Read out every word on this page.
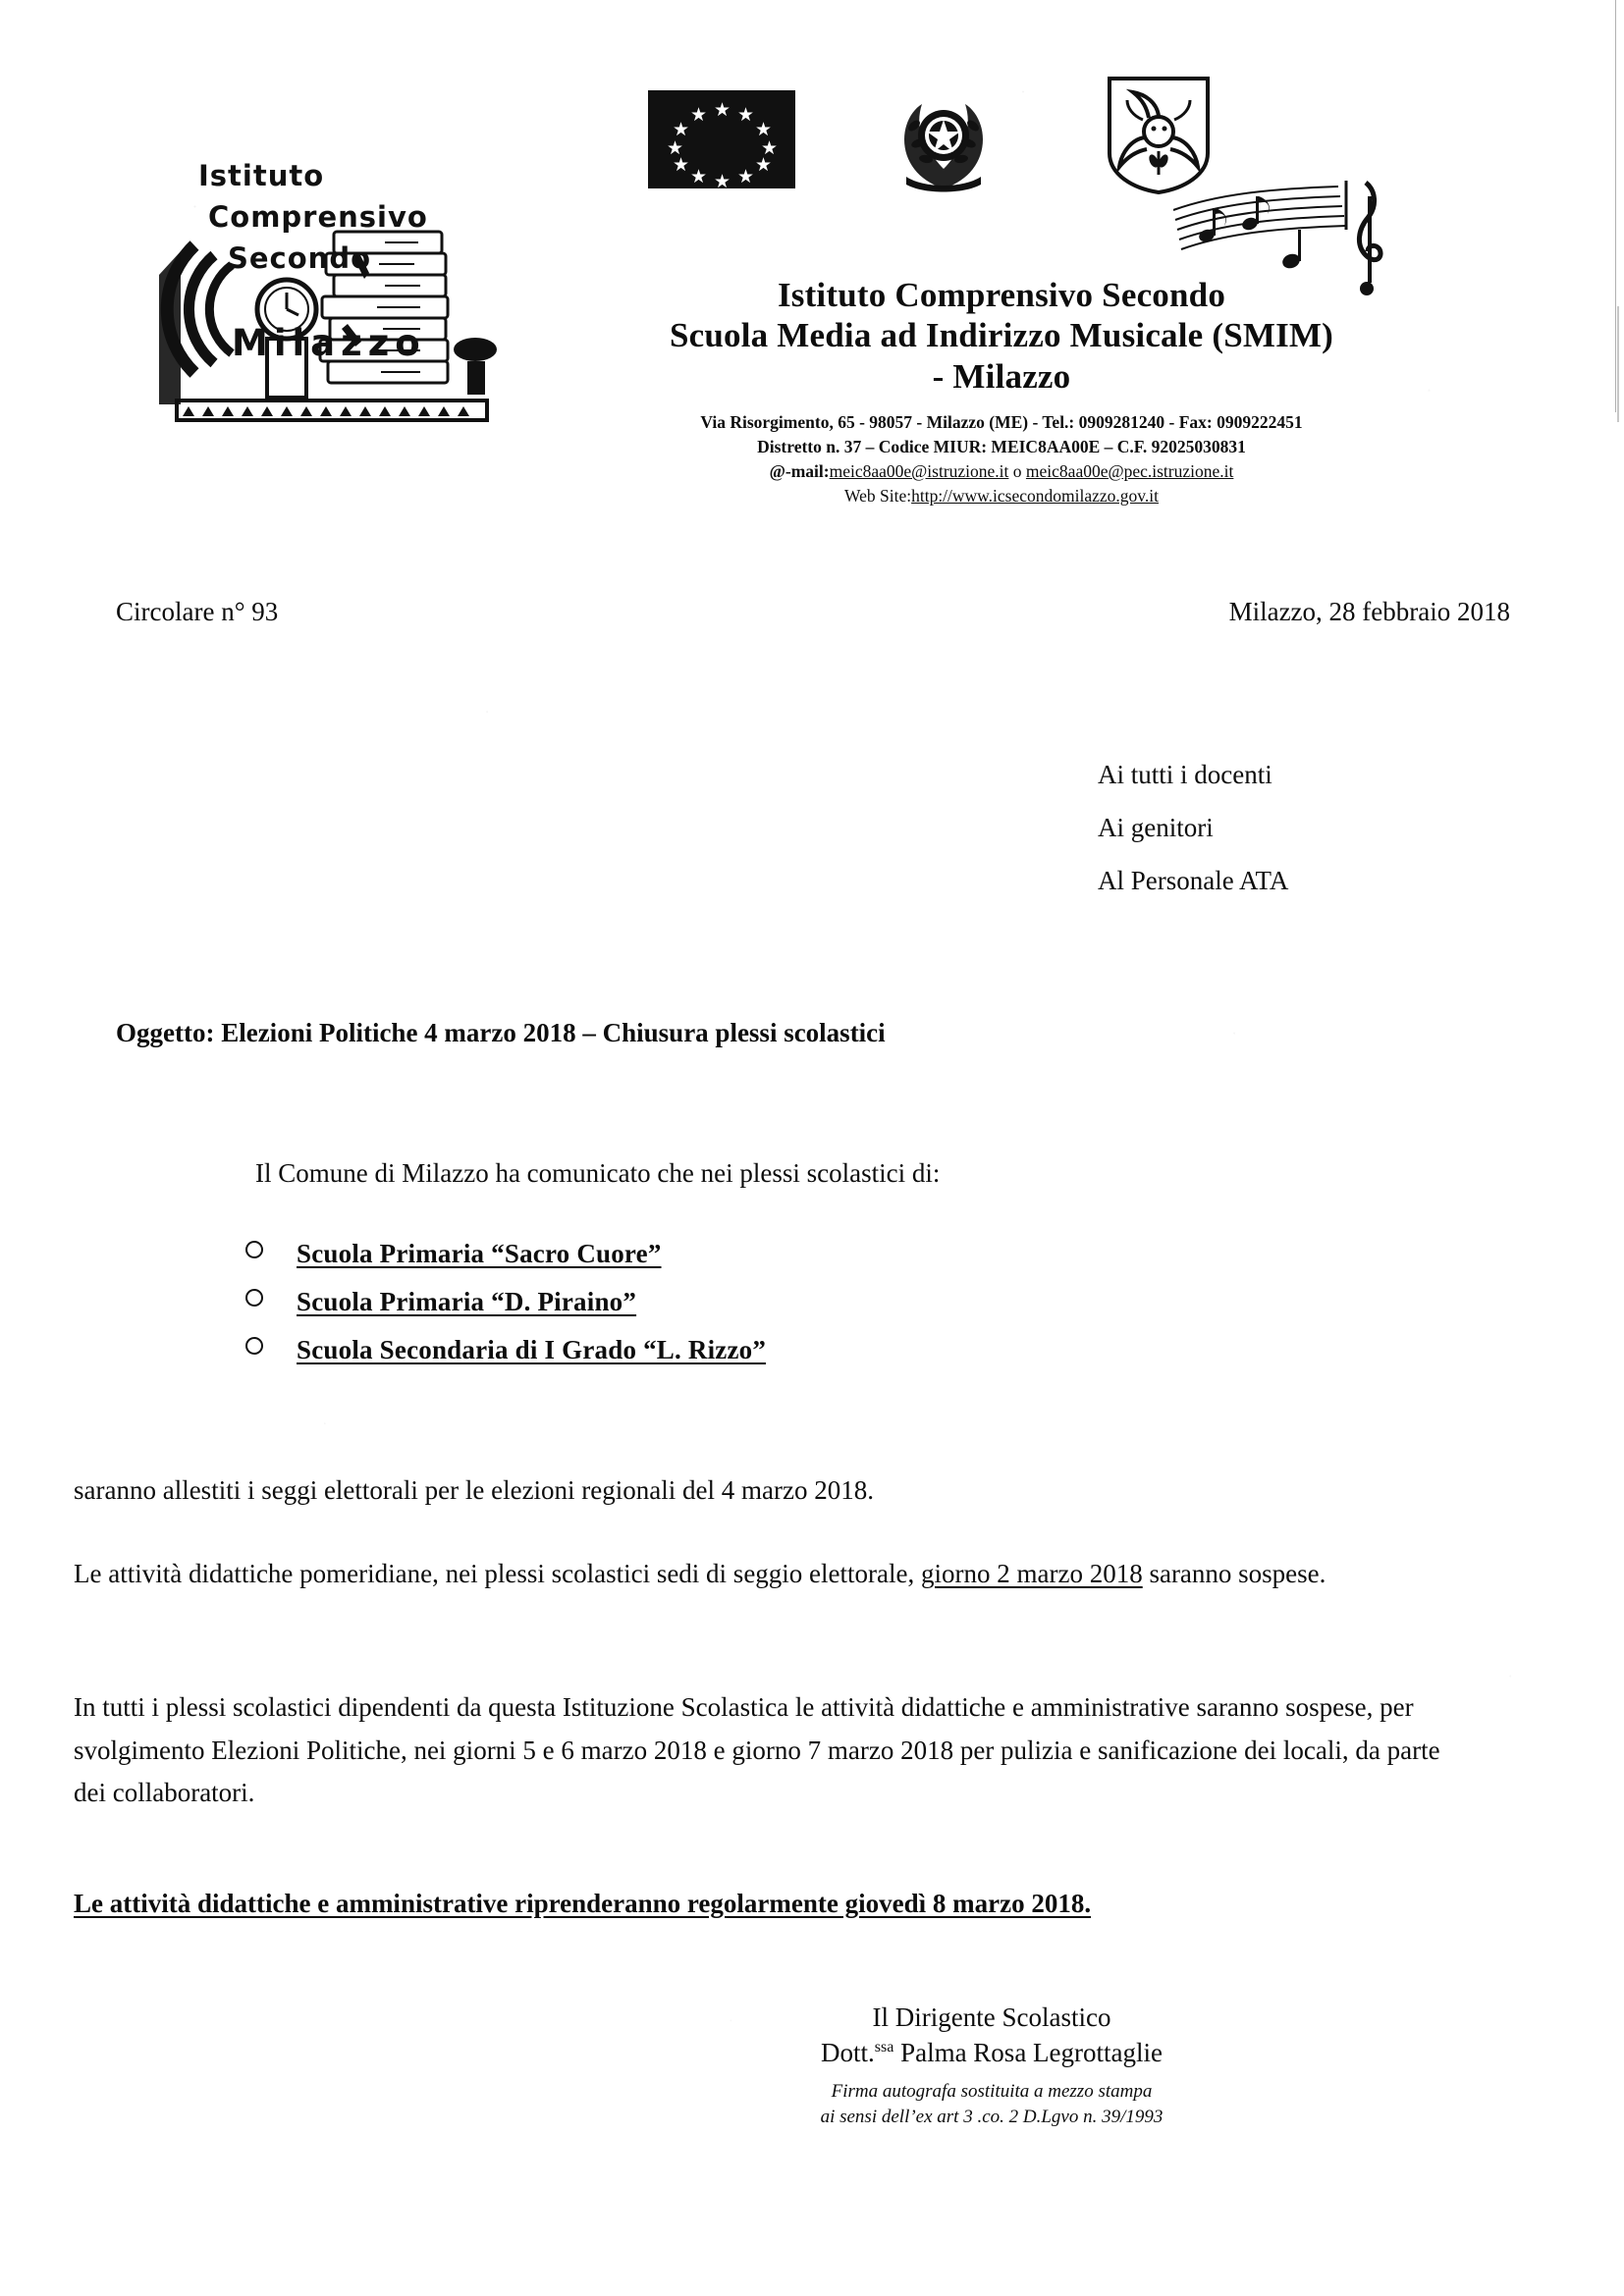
★
★ ★
★	★
★	★
★	★
★ ★
★
Istituto
Comprensivo
Secondo
Milazzo
Istituto Comprensivo Secondo
Scuola Media ad Indirizzo Musicale (SMIM)
- Milazzo
Via Risorgimento, 65 - 98057 - Milazzo (ME) - Tel.: 0909281240 - Fax: 0909222451
Distretto n. 37 – Codice MIUR: MEIC8AA00E – C.F. 92025030831
@-mail:meic8aa00e@istruzione.it o meic8aa00e@pec.istruzione.it
Web Site:http://www.icsecondomilazzo.gov.it
Circolare n° 93	Milazzo, 28 febbraio 2018
Ai tutti i docenti
Ai genitori
Al Personale ATA
Oggetto: Elezioni Politiche 4 marzo 2018 – Chiusura plessi scolastici
Il Comune di Milazzo ha comunicato che nei plessi scolastici di:
Scuola Primaria “Sacro Cuore”
Scuola Primaria “D. Piraino”
Scuola Secondaria di I Grado “L. Rizzo”
saranno allestiti i seggi elettorali per le elezioni regionali del 4 marzo 2018.
Le attività didattiche pomeridiane, nei plessi scolastici sedi di seggio elettorale, giorno 2 marzo 2018 saranno sospese.
In tutti i plessi scolastici dipendenti da questa Istituzione Scolastica le attività didattiche e amministrative saranno sospese, per svolgimento Elezioni Politiche, nei giorni 5 e 6 marzo 2018 e giorno 7 marzo 2018 per pulizia e sanificazione dei locali, da parte dei collaboratori.
Le attività didattiche e amministrative riprenderanno regolarmente giovedì 8 marzo 2018.
Il Dirigente Scolastico
Dott.$^{ssa}$ Palma Rosa Legrottaglie
Firma autografa sostituita a mezzo stampa
ai sensi dell’ex art 3 .co. 2 D.Lgvo n. 39/1993
